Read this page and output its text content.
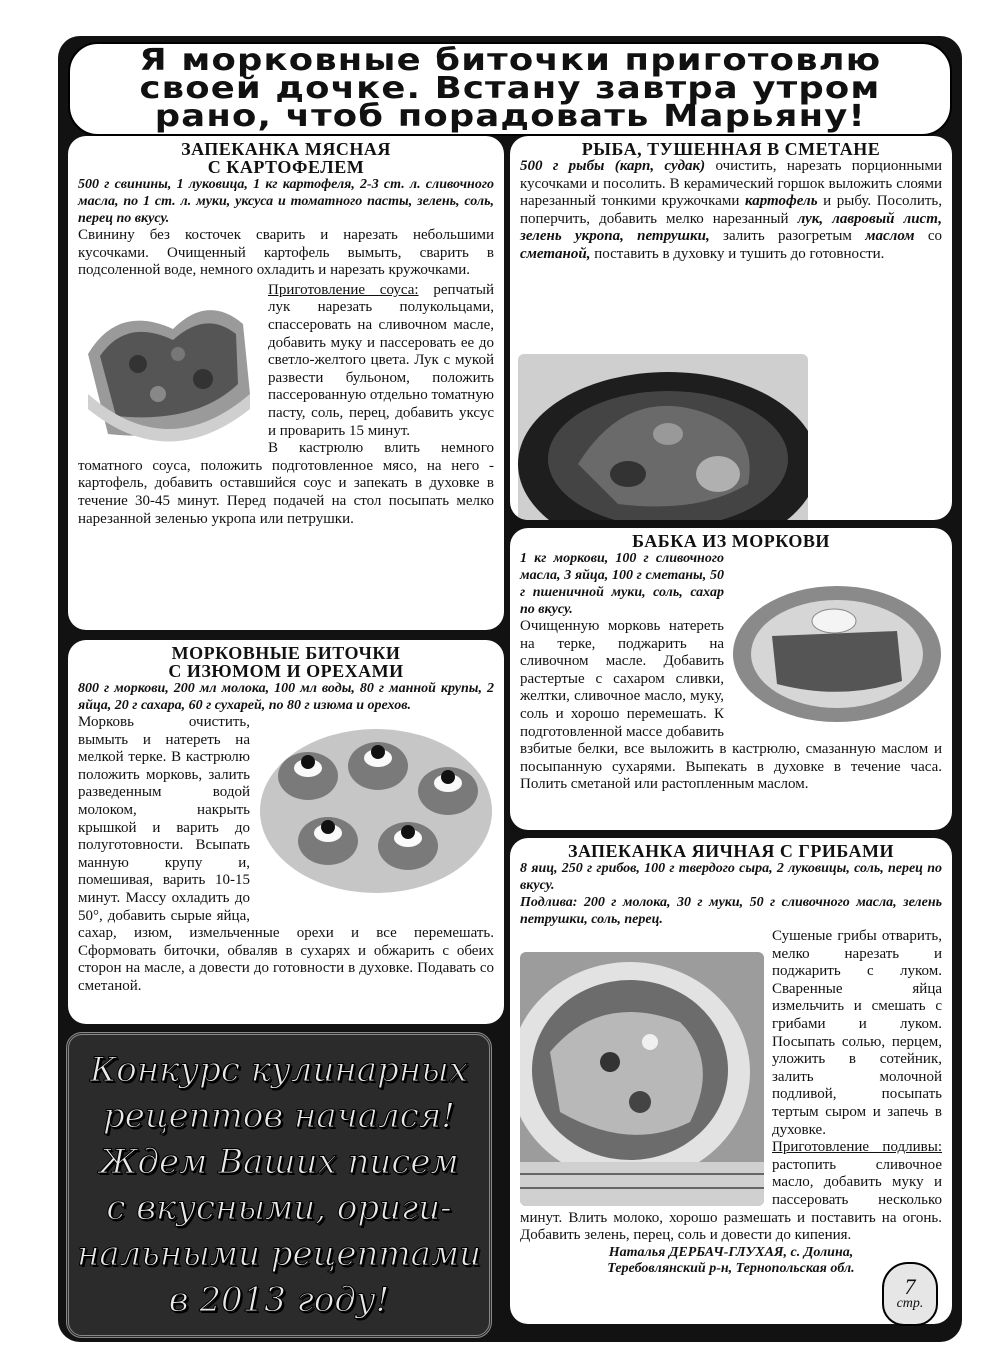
Я морковные биточки приготовлю
своей дочке. Встану завтра утром
рано, чтоб порадовать Марьяну!
ЗАПЕКАНКА МЯСНАЯ
С КАРТОФЕЛЕМ

500 г свинины, 1 луковица, 1 кг картофеля, 2-3 ст. л. сливочного масла, по 1 ст. л. муки, уксуса и томатного пасты, зелень, соль, перец по вкусу.

Свинину без косточек сварить и нарезать небольшими кусочками. Очищенный картофель вымыть, сварить в подсоленной воде, немного охладить и нарезать кружочками.

Приготовление соуса: репчатый лук нарезать полукольцами, спассеровать на сливочном масле, добавить муку и пассеровать ее до светло-желтого цвета. Лук с мукой развести бульоном, положить пассерованную отдельно томатную пасту, соль, перец, добавить уксус и проварить 15 минут.

В кастрюлю влить немного томатного соуса, положить подготовленное мясо, на него - картофель, добавить оставшийся соус и запекать в духовке в течение 30-45 минут. Перед подачей на стол посыпать мелко нарезанной зеленью укропа или петрушки.

РЫБА, ТУШЕННАЯ В СМЕТАНЕ

500 г рыбы (карп, судак) очистить, нарезать порционными кусочками и посолить. В керамический горшок выложить слоями нарезанный тонкими кружочками картофель и рыбу. Посолить, поперчить, добавить мелко нарезанный лук, лавровый лист, зелень укропа, петрушки, залить разогретым маслом со сметаной, поставить в духовку и тушить до готовности.

БАБКА ИЗ МОРКОВИ

1 кг моркови, 100 г сливочного масла, 3 яйца, 100 г сметаны, 50 г пшеничной муки, соль, сахар по вкусу.

Очищенную морковь натереть на терке, поджарить на сливочном масле. Добавить растертые с сахаром сливки, желтки, сливочное масло, муку, соль и хорошо перемешать. К подготовленной массе добавить взбитые белки, все выложить в кастрюлю, смазанную маслом и посыпанную сухарями. Выпекать в духовке в течение часа. Полить сметаной или растопленным маслом.

МОРКОВНЫЕ БИТОЧКИ
С ИЗЮМОМ И ОРЕХАМИ

800 г моркови, 200 мл молока, 100 мл воды, 80 г манной крупы, 2 яйца, 20 г сахара, 60 г сухарей, по 80 г изюма и орехов.

Морковь очистить, вымыть и натереть на мелкой терке. В кастрюлю положить морковь, залить разведенным водой молоком, накрыть крышкой и варить до полуготовности. Всыпать манную крупу и, помешивая, варить 10-15 минут. Массу охладить до 50°, добавить сырые яйца, сахар, изюм, измельченные орехи и все перемешать. Сформовать биточки, обваляв в сухарях и обжарить с обеих сторон на масле, а довести до готовности в духовке. Подавать со сметаной.

ЗАПЕКАНКА ЯИЧНАЯ С ГРИБАМИ

8 яиц, 250 г грибов, 100 г твердого сыра, 2 луковицы, соль, перец по вкусу.

Подлива: 200 г молока, 30 г муки, 50 г сливочного масла, зелень петрушки, соль, перец.

Сушеные грибы отварить, мелко нарезать и поджарить с луком. Сваренные яйца измельчить и смешать с грибами и луком. Посыпать солью, перцем, уложить в сотейник, залить молочной подливой, посыпать тертым сыром и запечь в духовке.

Приготовление подливы: растопить сливочное масло, добавить муку и пассеровать несколько минут. Влить молоко, хорошо размешать и поставить на огонь. Добавить зелень, перец, соль и довести до кипения.

Наталья ДЕРБАЧ-ГЛУХАЯ, с. Долина,
Теребовлянский р-н, Тернопольская обл.
Конкурс кулинарных
рецептов начался!
Ждем Ваших писем
с вкусными, ориги-
нальными рецептами
в 2013 году!	7
стр.
